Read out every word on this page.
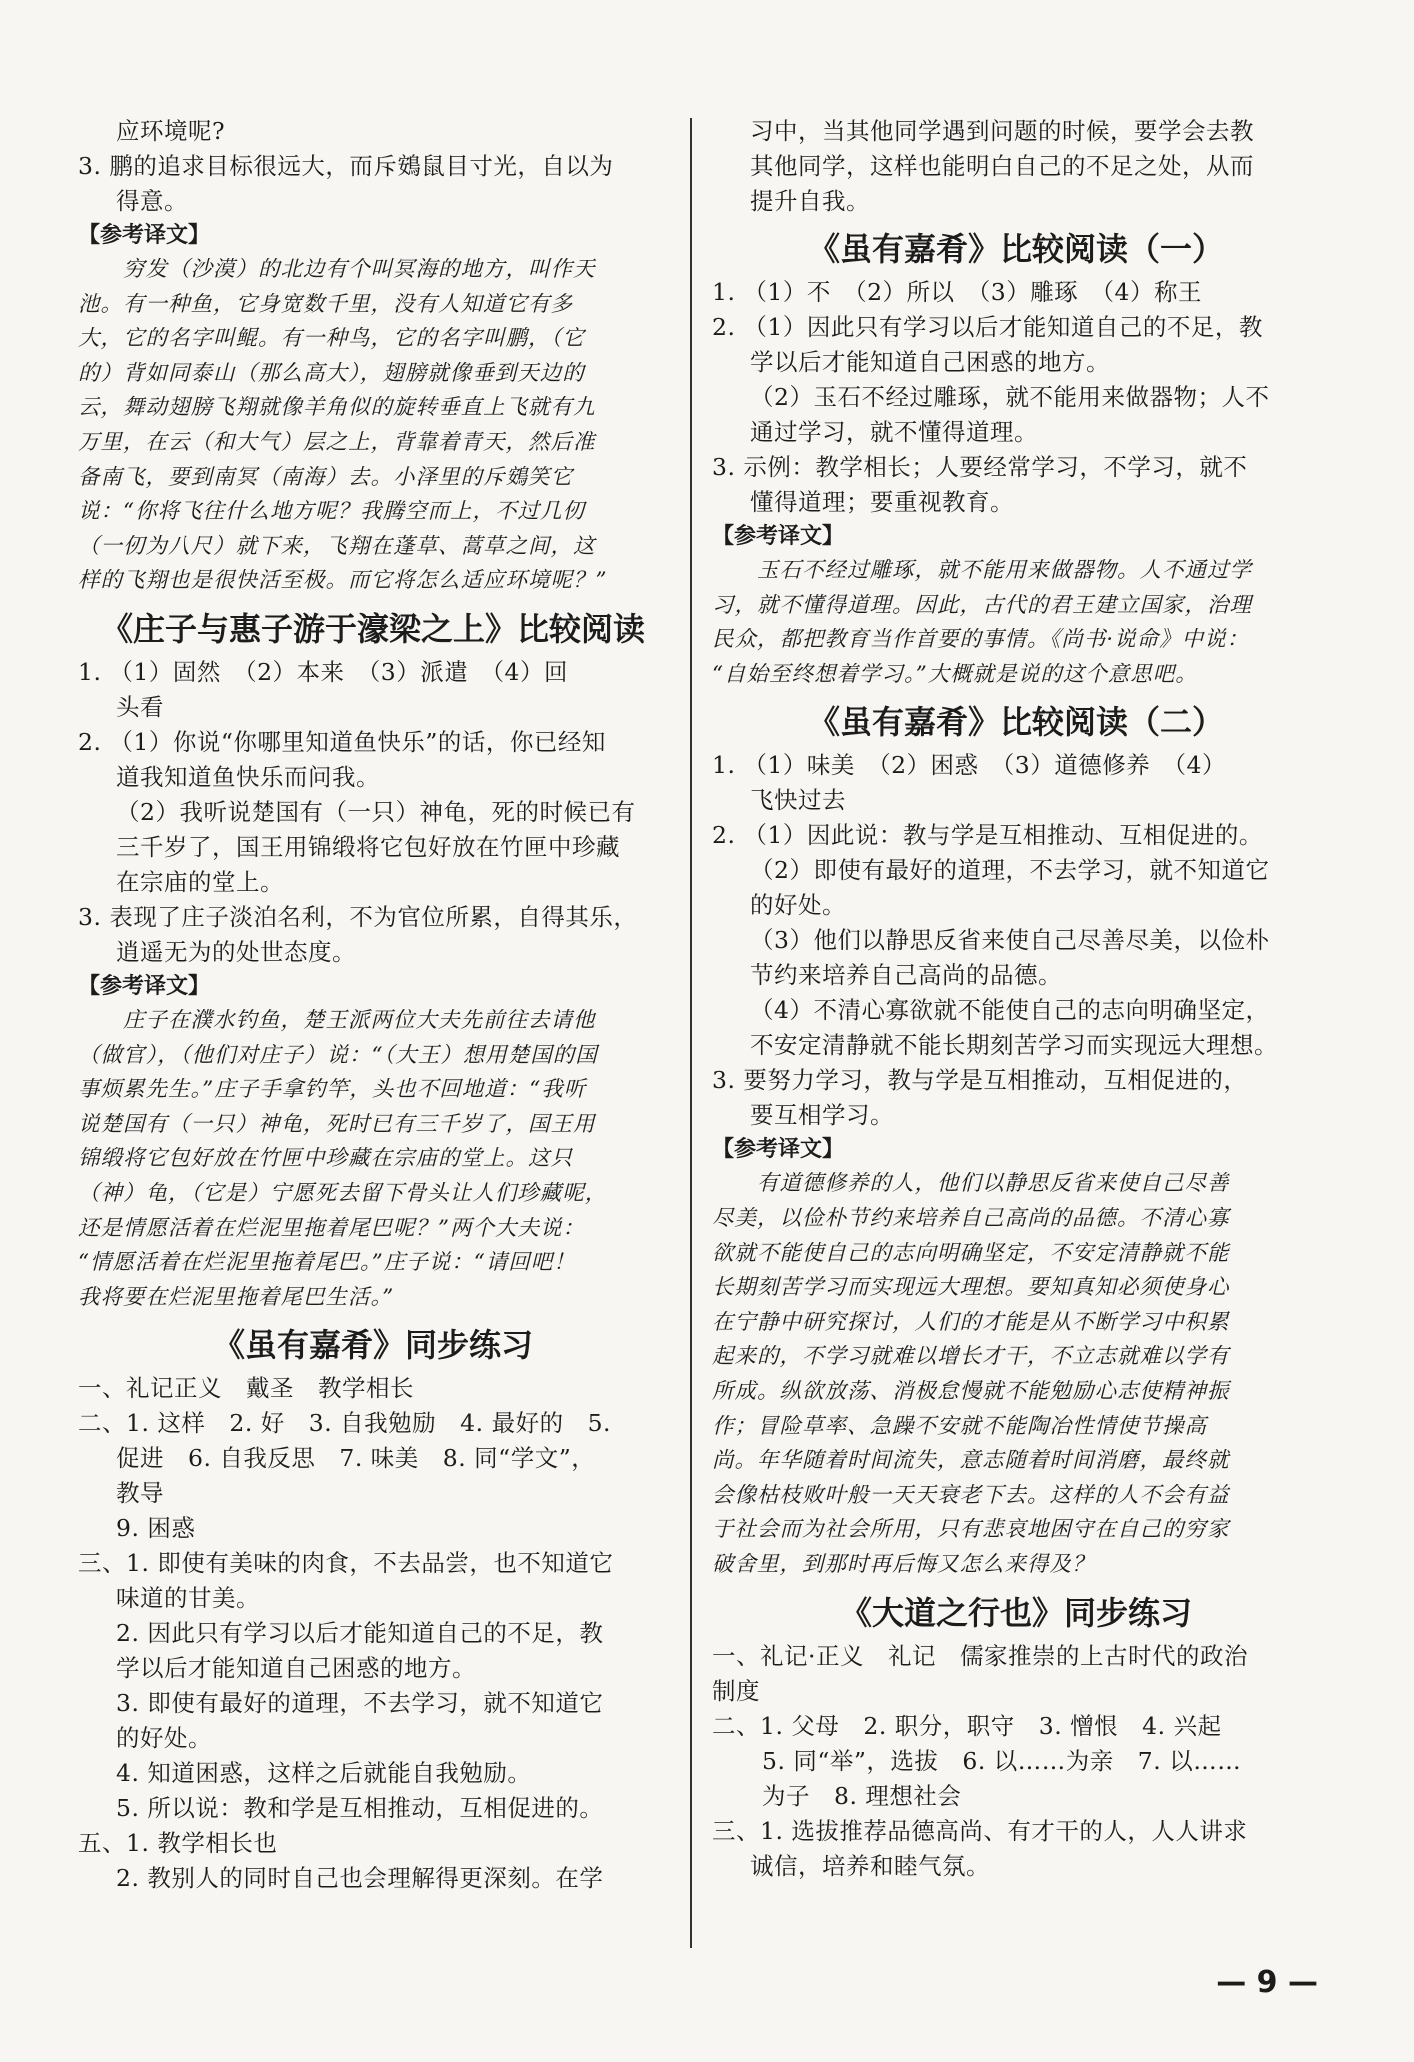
应环境呢?
3. 鹏的追求目标很远大，而斥鴳鼠目寸光，自以为
得意。
【参考译文】
　　穷发（沙漠）的北边有个叫冥海的地方，叫作天
池。有一种鱼，它身宽数千里，没有人知道它有多
大，它的名字叫鲲。有一种鸟，它的名字叫鹏，（它
的）背如同泰山（那么高大），翅膀就像垂到天边的
云，舞动翅膀飞翔就像羊角似的旋转垂直上飞就有九
万里，在云（和大气）层之上，背靠着青天，然后准
备南飞，要到南冥（南海）去。小泽里的斥鴳笑它
说：“你将飞往什么地方呢？我腾空而上，不过几仞
（一仞为八尺）就下来，飞翔在蓬草、蒿草之间，这
样的飞翔也是很快活至极。而它将怎么适应环境呢？”
《庄子与惠子游于濠梁之上》比较阅读
1. （1）固然　（2）本来　（3）派遣　（4）回
头看
2. （1）你说“你哪里知道鱼快乐”的话，你已经知
道我知道鱼快乐而问我。
（2）我听说楚国有（一只）神龟，死的时候已有
三千岁了，国王用锦缎将它包好放在竹匣中珍藏
在宗庙的堂上。
3. 表现了庄子淡泊名利，不为官位所累，自得其乐，
逍遥无为的处世态度。
【参考译文】
　　庄子在濮水钓鱼，楚王派两位大夫先前往去请他
（做官），（他们对庄子）说：“（大王）想用楚国的国
事烦累先生。”庄子手拿钓竿，头也不回地道：“我听
说楚国有（一只）神龟，死时已有三千岁了，国王用
锦缎将它包好放在竹匣中珍藏在宗庙的堂上。这只
（神）龟，（它是）宁愿死去留下骨头让人们珍藏呢，
还是情愿活着在烂泥里拖着尾巴呢？”两个大夫说：
“情愿活着在烂泥里拖着尾巴。”庄子说：“请回吧！
我将要在烂泥里拖着尾巴生活。”
《虽有嘉肴》同步练习
一、礼记正义　戴圣　教学相长
二、1. 这样　2. 好　3. 自我勉励　4. 最好的　5.
促进　6. 自我反思　7. 味美　8. 同“学文”，
教导
9. 困惑
三、1. 即使有美味的肉食，不去品尝，也不知道它
味道的甘美。
2. 因此只有学习以后才能知道自己的不足，教
学以后才能知道自己困惑的地方。
3. 即使有最好的道理，不去学习，就不知道它
的好处。
4. 知道困惑，这样之后就能自我勉励。
5. 所以说：教和学是互相推动，互相促进的。
五、1. 教学相长也
2. 教别人的同时自己也会理解得更深刻。在学
习中，当其他同学遇到问题的时候，要学会去教
其他同学，这样也能明白自己的不足之处，从而
提升自我。
《虽有嘉肴》比较阅读（一）
1. （1）不　（2）所以　（3）雕琢　（4）称王
2. （1）因此只有学习以后才能知道自己的不足，教
学以后才能知道自己困惑的地方。
（2）玉石不经过雕琢，就不能用来做器物；人不
通过学习，就不懂得道理。
3. 示例：教学相长；人要经常学习，不学习，就不
懂得道理；要重视教育。
【参考译文】
　　玉石不经过雕琢，就不能用来做器物。人不通过学
习，就不懂得道理。因此，古代的君王建立国家，治理
民众，都把教育当作首要的事情。《尚书·说命》中说：
“自始至终想着学习。”大概就是说的这个意思吧。
《虽有嘉肴》比较阅读（二）
1. （1）味美　（2）困惑　（3）道德修养　（4）
飞快过去
2. （1）因此说：教与学是互相推动、互相促进的。
（2）即使有最好的道理，不去学习，就不知道它
的好处。
（3）他们以静思反省来使自己尽善尽美，以俭朴
节约来培养自己高尚的品德。
（4）不清心寡欲就不能使自己的志向明确坚定，
不安定清静就不能长期刻苦学习而实现远大理想。
3. 要努力学习，教与学是互相推动，互相促进的，
要互相学习。
【参考译文】
　　有道德修养的人，他们以静思反省来使自己尽善
尽美，以俭朴节约来培养自己高尚的品德。不清心寡
欲就不能使自己的志向明确坚定，不安定清静就不能
长期刻苦学习而实现远大理想。要知真知必须使身心
在宁静中研究探讨，人们的才能是从不断学习中积累
起来的，不学习就难以增长才干，不立志就难以学有
所成。纵欲放荡、消极怠慢就不能勉励心志使精神振
作；冒险草率、急躁不安就不能陶冶性情使节操高
尚。年华随着时间流失，意志随着时间消磨，最终就
会像枯枝败叶般一天天衰老下去。这样的人不会有益
于社会而为社会所用，只有悲哀地困守在自己的穷家
破舍里，到那时再后悔又怎么来得及？
《大道之行也》同步练习
一、礼记·正义　礼记　儒家推崇的上古时代的政治
制度
二、1. 父母　2. 职分，职守　3. 憎恨　4. 兴起
5. 同“举”，选拔　6. 以……为亲　7. 以……
为子　8. 理想社会
三、1. 选拔推荐品德高尚、有才干的人，人人讲求
诚信，培养和睦气氛。
— 9 —
